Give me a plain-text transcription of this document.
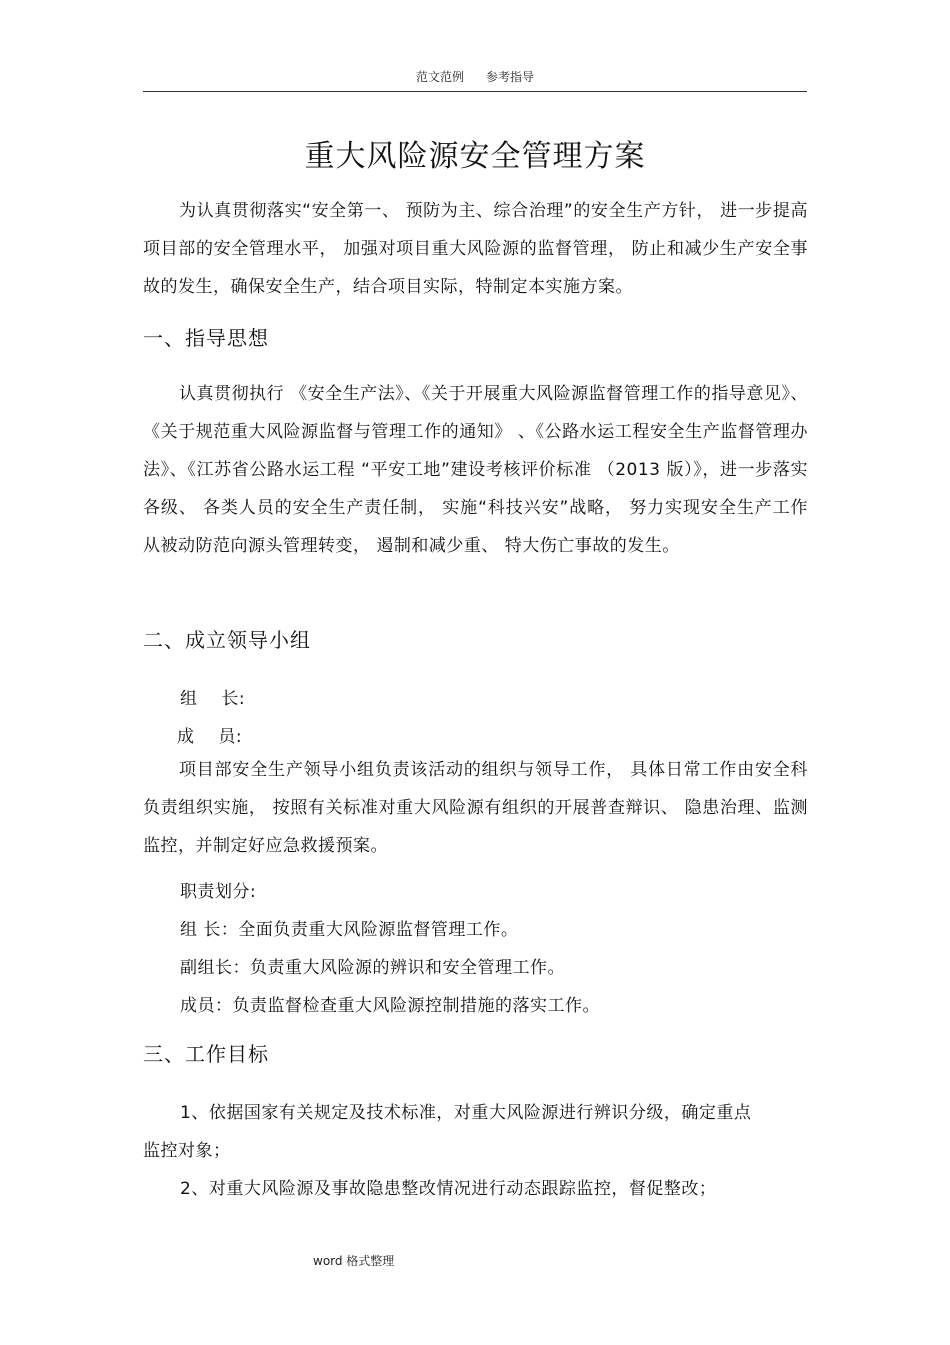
范文范例 参考指导
重大风险源安全管理方案

为认真贯彻落实“安全第一、 预防为主、综合治理”的安全生产方针， 进一步提高项目部的安全管理水平， 加强对项目重大风险源的监督管理， 防止和减少生产安全事故的发生，确保安全生产，结合项目实际，特制定本实施方案。

一、指导思想

认真贯彻执行 《安全生产法》、《关于开展重大风险源监督管理工作的指导意见》、《关于规范重大风险源监督与管理工作的通知》 、《公路水运工程安全生产监督管理办法》、《江苏省公路水运工程 “平安工地”建设考核评价标准 （2013 版）》，进一步落实各级、 各类人员的安全生产责任制， 实施“科技兴安”战略， 努力实现安全生产工作从被动防范向源头管理转变， 遏制和减少重、 特大伤亡事故的发生。

二、成立领导小组

组 长:

成 员:

项目部安全生产领导小组负责该活动的组织与领导工作， 具体日常工作由安全科负责组织实施， 按照有关标准对重大风险源有组织的开展普查辩识、 隐患治理、监测监控，并制定好应急救援预案。

职责划分:

组 长：全面负责重大风险源监督管理工作。

副组长：负责重大风险源的辨识和安全管理工作。

成员：负责监督检查重大风险源控制措施的落实工作。

三、工作目标

1、依据国家有关规定及技术标准，对重大风险源进行辨识分级，确定重点

监控对象；

2、对重大风险源及事故隐患整改情况进行动态跟踪监控，督促整改；

word 格式整理
